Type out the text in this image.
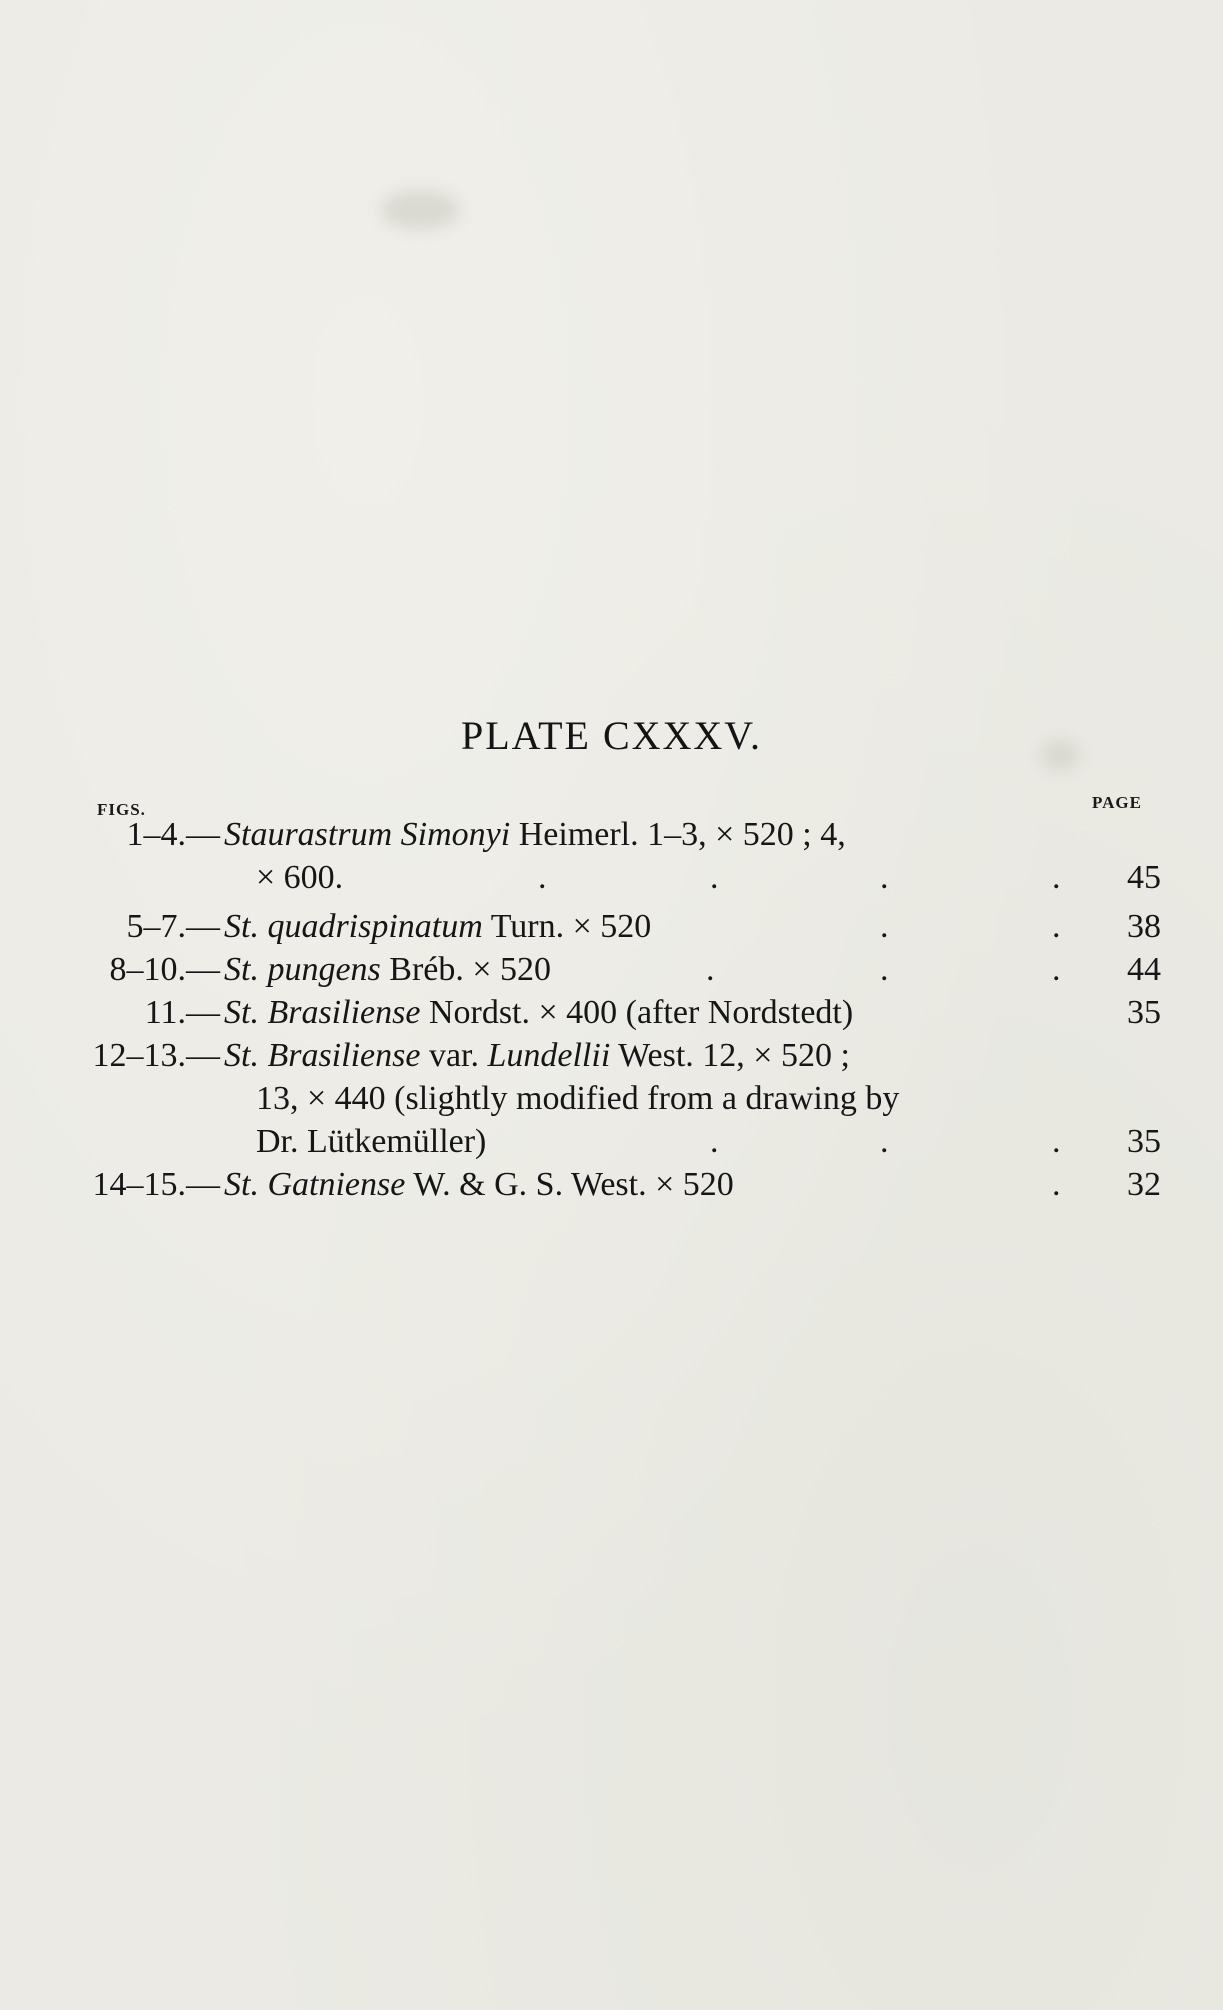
PLATE CXXXV.
FIGS.	PAGE
1–4.— Staurastrum Simonyi Heimerl. 1–3, × 520 ; 4,
× 600.	.	.	.	. 45
5–7.— St. quadrispinatum Turn. × 520	.	. 38
8–10.— St. pungens Bréb. × 520	.	.	. 44
11.— St. Brasiliense Nordst. × 400 (after Nordstedt)	35
12–13.— St. Brasiliense var. Lundellii West. 12, × 520 ;
13, × 440 (slightly modified from a drawing by
Dr. Lütkemüller)	.	.	. 35
14–15.— St. Gatniense W. & G. S. West. × 520	. 32
